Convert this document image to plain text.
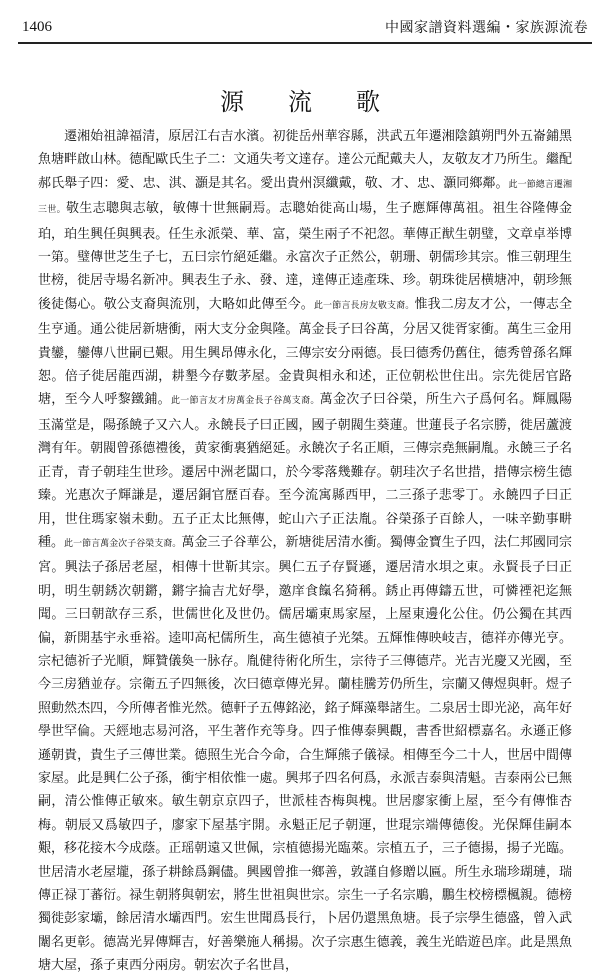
1406	中國家譜資料選編・家族源流卷
源　流　歌

　　遷湘始祖諱福清，原居江右吉水濱。初徙岳州華容縣，洪武五年遷湘陰鎮朔門外五崙鋪黑魚塘畔啟山林。德配歐氏生子二：文通失考文達存。達公元配戴夫人，友敬友才乃所生。繼配郝氏舉子四：愛、忠、淇、灝是其名。愛出貴州溟纖戴，敬、才、忠、灝同鄉鄰。此一節總言遷湘三世。敬生志聰與志敏，敏傳十世無嗣焉。志聰始徙高山場，生子應輝傳萬祖。祖生谷隆傳金珀，珀生興任與興表。任生永派榮、華、富，榮生兩子不祀忽。華傳正猷生朝璧，文章卓举博一第。璧傳世芝生子七，五曰宗竹絕延繼。永富次子正然公，朝珊、朝儒珍其宗。惟三朝理生世榜，徙居寺場名新冲。興表生子永、發、達，達傳正逵產珠、珍。朝珠徙居横塘冲，朝珍無後徒傷心。敬公支裔與流別，大略如此傳至今。此一節言長房友敬支裔。惟我二房友才公，一傳志全生亨通。通公徙居新塘衝，兩大支分金與隆。萬金長子曰谷萬，分居又徙胥家衝。萬生三金用貴鑾，鑾傳八世嗣已艱。用生興昂傳永化，三傳宗安分兩德。長曰德秀仍舊住，德秀曾孫名輝恕。倍子徙居龍西湖，耕墾今存數茅屋。金貴與相永和述，正位朝松世住出。宗先徙居官路塘，至今人呼黎鐵鋪。此一節言友才房萬金長子谷萬支裔。萬金次子曰谷榮，所生六子爲何名。輝鳳陽玉滿堂是，陽孫饒子又六人。永饒長子曰正國，國子朝閥生葵蓮。世蓮長子名宗勝，徙居蘆渡灣有年。朝閥曾孫德禮後，黄家衝裏猶絕延。永饒次子名正順，三傳宗堯無嗣胤。永饒三子名正青，青子朝珪生世珍。遷居中洲老闆口，於今零落幾難存。朝珪次子名世措，措傳宗榜生德臻。光惠次子輝謙是，遷居銅官歷百春。至今流寓縣西甲，二三孫子悲零丁。永饒四子曰正用，世住瑪家嶺未動。五子正太比無傳，蛇山六子正法胤。谷榮孫子百餘人，一味辛勤事畊種。此一節言萬金次子谷榮支裔。萬金三子谷華公，新塘徙居清水衝。獨傳金寶生子四，法仁邦國同宗宮。興法子孫居老屋，相傳十世靳其宗。興仁五子存賢遜，遷居清水垻之東。永賢長子曰正明，明生朝銹次朝鏘，鏘字掄吉尤好學，邀庠食餼名猗稱。銹止再傳鑄五世，可憐禋祀迄無聞。三曰朝歆存三系，世儒世化及世仍。儒居壩東馬家屋，上屋東邊化公住。仍公獨在其西偏，新開基宇永垂裕。逵叩高杞儒所生，高生德禎子光桀。五輝惟傳映岐吉，德祥亦傳光亨。宗杞德祈子光順，輝贊儀奐一脉存。胤健待術化所生，宗待子三傳德芹。光吉光慶又光國，至今三房猶並存。宗衛五子四無後，次曰德章傳光昇。蘭桂騰芳仍所生，宗蘭又傳煜與軒。煜子照動然杰四，今所傳者惟光然。德軒子五傳銘泌，銘子輝藻舉諸生。二泉居士即光泌，高年好學世罕倫。天經地志易河洛，平生著作充等身。四子惟傳泰興觀，書香世紹標嘉名。永遜正修遜朝貴，貴生子三傳世業。德照生光合今命，合生輝熊子儀禄。相傳至今二十人，世居中間傳家屋。此是興仁公子孫，衝宇相依惟一處。興邦子四名何爲，永派吉泰與清魁。吉泰兩公已無嗣，清公惟傳正敏來。敏生朝京京四子，世派桂杏梅與槐。世居廖家衝上屋，至今有傳惟杏梅。朝辰又爲敏四子，廖家下屋基宇開。永魁正尼子朝運，世琨宗端傳德俊。光保輝佳嗣本艱，移花接木今成蔭。正瑶朝遠又世佩，宗植德揚光臨萊。宗植五子，三子德揚，揚子光臨。世居清水老屋壠，孫子耕餘爲鋼儘。興國曾推一鄉善，敦謹自修贈以匾。所生永瑞珍瑚璉，瑞傳正禄丁蕃衍。禄生朝將與朝宏，將生世祖與世宗。宗生一子名宗鵰，鵬生校榜標楓親。德榜獨徙彭家壩，餘居清水壩西門。宏生世聞爲長行，卜居仍還黑魚塘。長子宗學生德盛，曾入武闈名更彰。德嵩光昇傳輝吉，好善樂施人稱揚。次子宗惠生德義，義生光皓遊邑庠。此是黑魚塘大屋，孫子東西分兩房。朝宏次子名世昌，
